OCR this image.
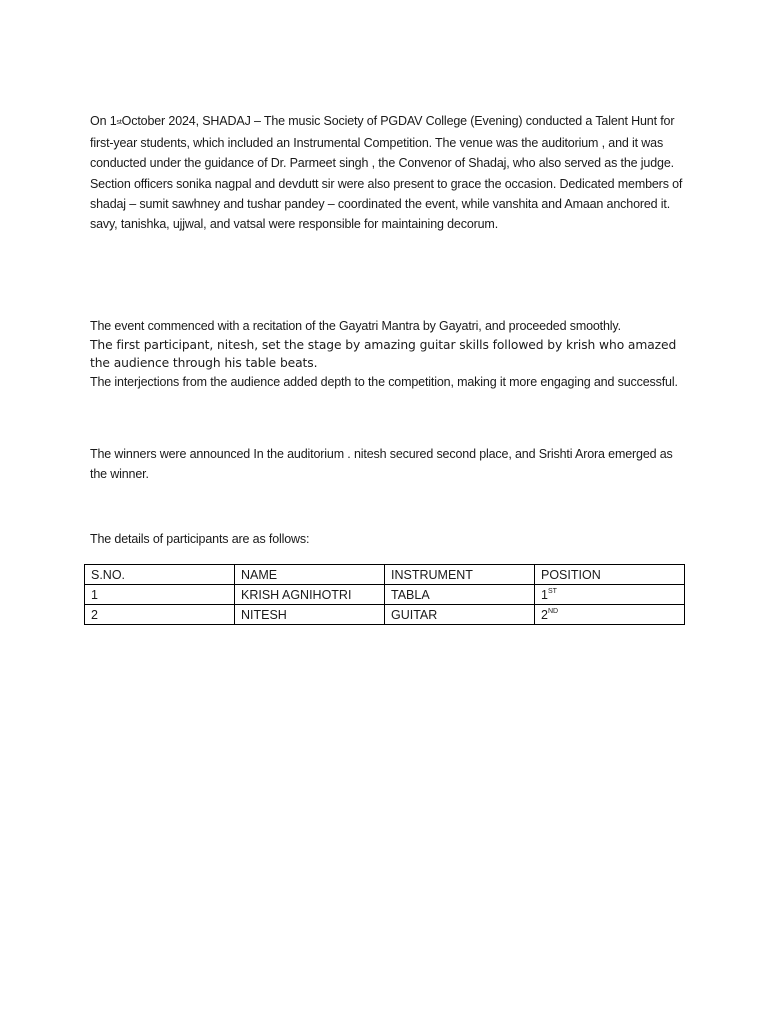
On 1stOctober 2024, SHADAJ – The music Society of PGDAV College (Evening) conducted a Talent Hunt for first-year students, which included an Instrumental Competition. The venue was the auditorium , and it was conducted under the guidance of Dr. Parmeet singh , the Convenor of Shadaj, who also served as the judge. Section officers sonika nagpal and devdutt sir were also present to grace the occasion. Dedicated members of shadaj – sumit sawhney and tushar pandey – coordinated the event, while vanshita and Amaan anchored it. savy, tanishka, ujjwal, and vatsal were responsible for maintaining decorum.

The event commenced with a recitation of the Gayatri Mantra by Gayatri, and proceeded smoothly.
The first participant, nitesh, set the stage by amazing guitar skills followed by krish who amazed the audience through his table beats.

The interjections from the audience added depth to the competition, making it more engaging and successful.

The winners were announced In the auditorium . nitesh secured second place, and Srishti Arora emerged as the winner.

The details of participants are as follows:

S.NO.	NAME	INSTRUMENT	POSITION
1	KRISH AGNIHOTRI	TABLA	1ST
2	NITESH	GUITAR	2ND
